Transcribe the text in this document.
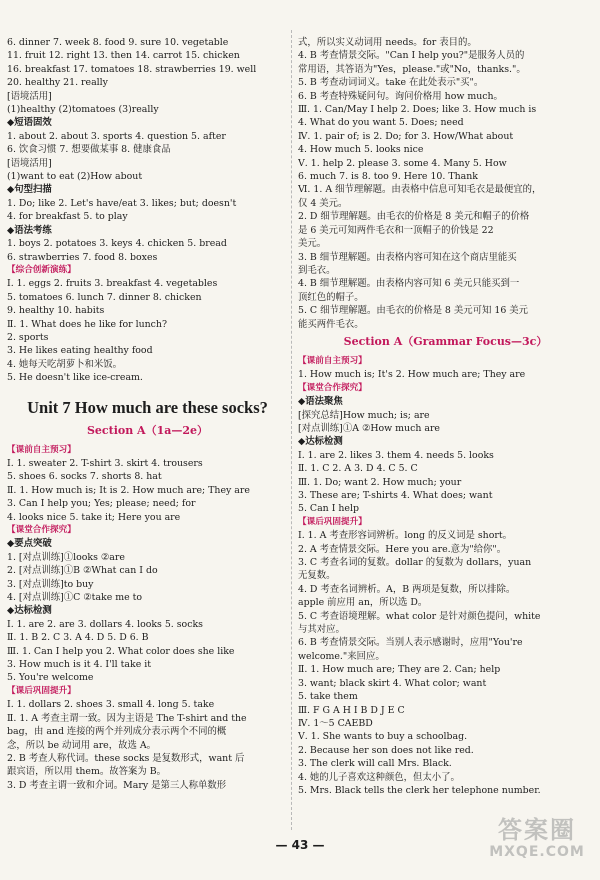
6. dinner 7. week 8. food 9. sure 10. vegetable
11. fruit 12. right 13. then 14. carrot 15. chicken
16. breakfast 17. tomatoes 18. strawberries 19. well
20. healthy 21. really
[语境活用]
(1)healthy (2)tomatoes (3)really
◆短语固效
1. about 2. about 3. sports 4. question 5. after
6. 饮食习惯 7. 想要做某事 8. 健康食品
[语境活用]
(1)want to eat (2)How about
◆句型扫描
1. Do; like 2. Let's have/eat 3. likes; but; doesn't
4. for breakfast 5. to play
◆语法考练
1. boys 2. potatoes 3. keys 4. chicken 5. bread
6. strawberries 7. food 8. boxes
【综合创新演练】
Ⅰ. 1. eggs 2. fruits 3. breakfast 4. vegetables
5. tomatoes 6. lunch 7. dinner 8. chicken
9. healthy 10. habits
Ⅱ. 1. What does he like for lunch?
2. sports
3. He likes eating healthy food
4. 她每天吃胡萝卜和米饭。
5. He doesn't like ice-cream.
Unit 7 How much are these socks?
Section A（1a—2e）
【课前自主预习】
Ⅰ. 1. sweater 2. T-shirt 3. skirt 4. trousers
5. shoes 6. socks 7. shorts 8. hat
Ⅱ. 1. How much is; It is 2. How much are; They are
3. Can I help you; Yes; please; need; for
4. looks nice 5. take it; Here you are
【课堂合作探究】
◆要点突破
1. [对点训练]①looks ②are
2. [对点训练]①B ②What can I do
3. [对点训练]to buy
4. [对点训练]①C ②take me to
◆达标检测
Ⅰ. 1. are 2. are 3. dollars 4. looks 5. socks
Ⅱ. 1. B 2. C 3. A 4. D 5. D 6. B
Ⅲ. 1. Can I help you 2. What color does she like
3. How much is it 4. I'll take it
5. You're welcome
【课后巩固提升】
Ⅰ. 1. dollars 2. shoes 3. small 4. long 5. take
Ⅱ. 1. A 考查主谓一致。因为主语是 The T-shirt and the
bag，由 and 连接的两个并列成分表示两个不同的概
念，所以 be 动词用 are，故选 A。
2. B 考查人称代词。these socks 是复数形式，want 后
跟宾语，所以用 them。故答案为 B。
3. D 考查主谓一致和介词。Mary 是第三人称单数形
式，所以实义动词用 needs。for 表目的。
4. B 考查情景交际。"Can I help you?"是服务人员的
常用语，其答语为"Yes，please."或"No，thanks."。
5. B 考查动词词义。take 在此处表示"买"。
6. B 考查特殊疑问句。询问价格用 how much。
Ⅲ. 1. Can/May I help 2. Does; like 3. How much is
4. What do you want 5. Does; need
Ⅳ. 1. pair of; is 2. Do; for 3. How/What about
4. How much 5. looks nice
Ⅴ. 1. help 2. please 3. some 4. Many 5. How
6. much 7. is 8. too 9. Here 10. Thank
Ⅵ. 1. A 细节理解题。由表格中信息可知毛衣是最便宜的，
仅 4 美元。
2. D 细节理解题。由毛衣的价格是 8 美元和帽子的价格
是 6 美元可知两件毛衣和一顶帽子的价钱是 22
美元。
3. B 细节理解题。由表格内容可知在这个商店里能买
到毛衣。
4. B 细节理解题。由表格内容可知 6 美元只能买到一
顶红色的帽子。
5. C 细节理解题。由毛衣的价格是 8 美元可知 16 美元
能买两件毛衣。
Section A（Grammar Focus—3c）
【课前自主预习】
1. How much is; It's 2. How much are; They are
【课堂合作探究】
◆语法聚焦
[探究总结]How much; is; are
[对点训练]①A ②How much are
◆达标检测
Ⅰ. 1. are 2. likes 3. them 4. needs 5. looks
Ⅱ. 1. C 2. A 3. D 4. C 5. C
Ⅲ. 1. Do; want 2. How much; your
3. These are; T-shirts 4. What does; want
5. Can I help
【课后巩固提升】
Ⅰ. 1. A 考查形容词辨析。long 的反义词是 short。
2. A 考查情景交际。Here you are.意为"给你"。
3. C 考查名词的复数。dollar 的复数为 dollars，yuan
无复数。
4. D 考查名词辨析。A，B 两项是复数，所以排除。
apple 前应用 an，所以选 D。
5. C 考查语境理解。what color 是针对颜色提问，white
与其对应。
6. B 考查情景交际。当别人表示感谢时，应用"You're
welcome."来回应。
Ⅱ. 1. How much are; They are 2. Can; help
3. want; black skirt 4. What color; want
5. take them
Ⅲ. F G A H I B D J E C
Ⅳ. 1～5 CAEBD
Ⅴ. 1. She wants to buy a schoolbag.
2. Because her son does not like red.
3. The clerk will call Mrs. Black.
4. 她的儿子喜欢这种颜色，但太小了。
5. Mrs. Black tells the clerk her telephone number.
— 43 —
答案圈
MXQE.COM
